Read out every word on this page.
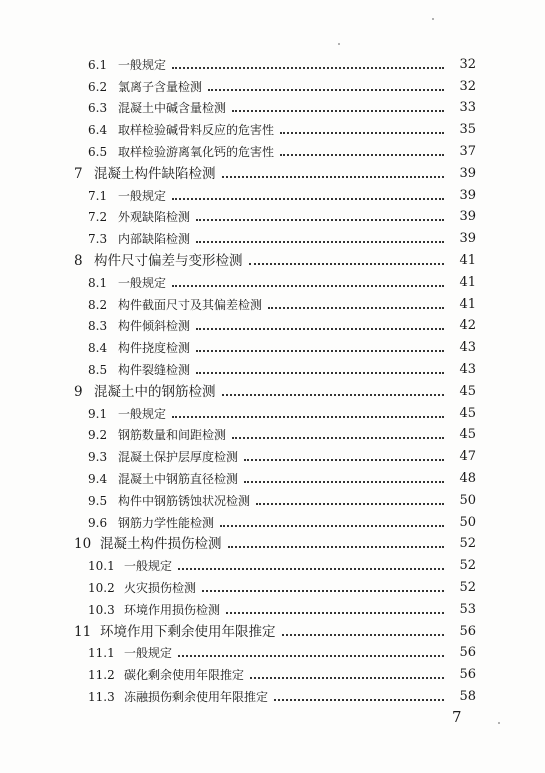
6.1 一般规定	32
6.2 氯离子含量检测	32
6.3 混凝土中碱含量检测	33
6.4 取样检验碱骨料反应的危害性	35
6.5 取样检验游离氧化钙的危害性	37
7 混凝土构件缺陷检测	39
7.1 一般规定	39
7.2 外观缺陷检测	39
7.3 内部缺陷检测	39
8 构件尺寸偏差与变形检测	41
8.1 一般规定	41
8.2 构件截面尺寸及其偏差检测	41
8.3 构件倾斜检测	42
8.4 构件挠度检测	43
8.5 构件裂缝检测	43
9 混凝土中的钢筋检测	45
9.1 一般规定	45
9.2 钢筋数量和间距检测	45
9.3 混凝土保护层厚度检测	47
9.4 混凝土中钢筋直径检测	48
9.5 构件中钢筋锈蚀状况检测	50
9.6 钢筋力学性能检测	50
10 混凝土构件损伤检测	52
10.1 一般规定	52
10.2 火灾损伤检测	52
10.3 环境作用损伤检测	53
11 环境作用下剩余使用年限推定	56
11.1 一般规定	56
11.2 碳化剩余使用年限推定	56
11.3 冻融损伤剩余使用年限推定	58
7
